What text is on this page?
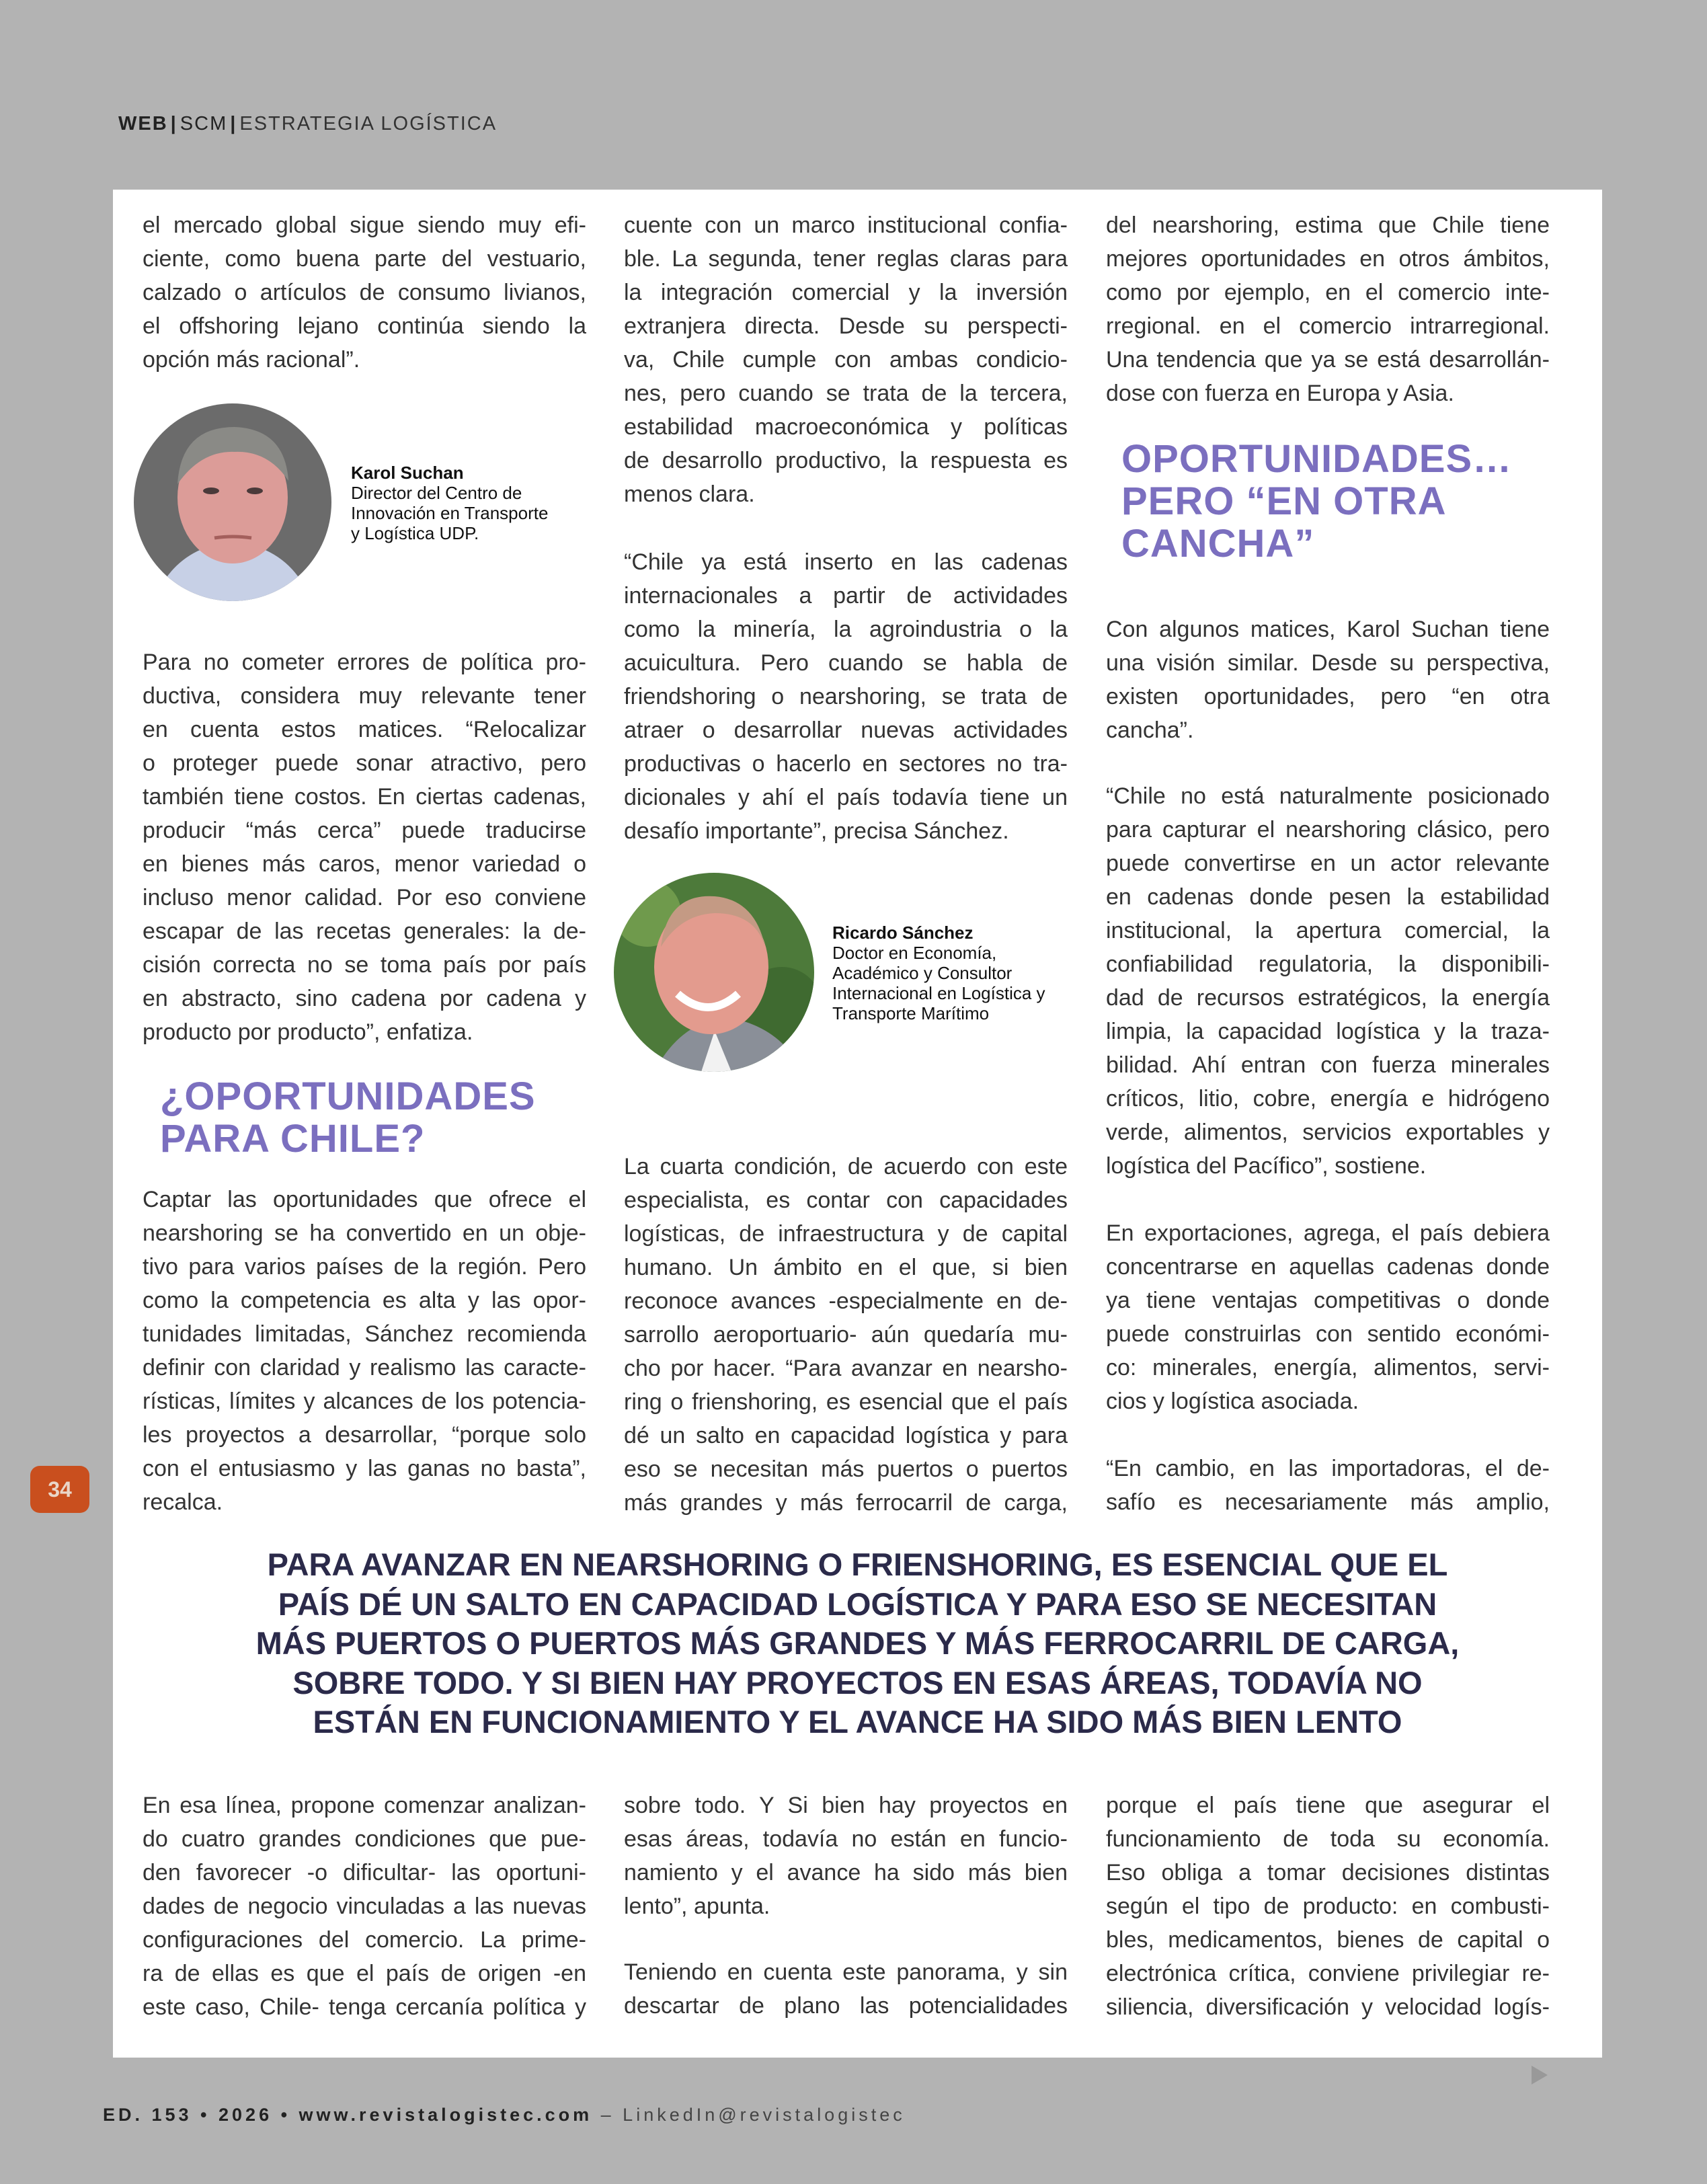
WEB | SCM | ESTRATEGIA LOGÍSTICA
el mercado global sigue siendo muy efi-
ciente, como buena parte del vestuario,
calzado o artículos de consumo livianos,
el offshoring lejano continúa siendo la
opción más racional”.
Para no cometer errores de política pro-
ductiva, considera muy relevante tener
en cuenta estos matices. “Relocalizar
o proteger puede sonar atractivo, pero
también tiene costos. En ciertas cadenas,
producir “más cerca” puede traducirse
en bienes más caros, menor variedad o
incluso menor calidad. Por eso conviene
escapar de las recetas generales: la de-
cisión correcta no se toma país por país
en abstracto, sino cadena por cadena y
producto por producto”, enfatiza.
Captar las oportunidades que ofrece el
nearshoring se ha convertido en un obje-
tivo para varios países de la región. Pero
como la competencia es alta y las opor-
tunidades limitadas, Sánchez recomienda
definir con claridad y realismo las caracte-
rísticas, límites y alcances de los potencia-
les proyectos a desarrollar, “porque solo
con el entusiasmo y las ganas no basta”,
recalca.
cuente con un marco institucional confia-
ble. La segunda, tener reglas claras para
la integración comercial y la inversión
extranjera directa. Desde su perspecti-
va, Chile cumple con ambas condicio-
nes, pero cuando se trata de la tercera,
estabilidad macroeconómica y políticas
de desarrollo productivo, la respuesta es
menos clara.
“Chile ya está inserto en las cadenas
internacionales a partir de actividades
como la minería, la agroindustria o la
acuicultura. Pero cuando se habla de
friendshoring o nearshoring, se trata de
atraer o desarrollar nuevas actividades
productivas o hacerlo en sectores no tra-
dicionales y ahí el país todavía tiene un
desafío importante”, precisa Sánchez.
La cuarta condición, de acuerdo con este
especialista, es contar con capacidades
logísticas, de infraestructura y de capital
humano. Un ámbito en el que, si bien
reconoce avances -especialmente en de-
sarrollo aeroportuario- aún quedaría mu-
cho por hacer. “Para avanzar en nearsho-
ring o frienshoring, es esencial que el país
dé un salto en capacidad logística y para
eso se necesitan más puertos o puertos
más grandes y más ferrocarril de carga,
del nearshoring, estima que Chile tiene
mejores oportunidades en otros ámbitos,
como por ejemplo, en el comercio inte-
rregional. en el comercio intrarregional.
Una tendencia que ya se está desarrollán-
dose con fuerza en Europa y Asia.
Con algunos matices, Karol Suchan tiene
una visión similar. Desde su perspectiva,
existen oportunidades, pero “en otra
cancha”.
“Chile no está naturalmente posicionado
para capturar el nearshoring clásico, pero
puede convertirse en un actor relevante
en cadenas donde pesen la estabilidad
institucional, la apertura comercial, la
confiabilidad regulatoria, la disponibili-
dad de recursos estratégicos, la energía
limpia, la capacidad logística y la traza-
bilidad. Ahí entran con fuerza minerales
críticos, litio, cobre, energía e hidrógeno
verde, alimentos, servicios exportables y
logística del Pacífico”, sostiene.
En exportaciones, agrega, el país debiera
concentrarse en aquellas cadenas donde
ya tiene ventajas competitivas o donde
puede construirlas con sentido económi-
co: minerales, energía, alimentos, servi-
cios y logística asociada.
“En cambio, en las importadoras, el de-
safío es necesariamente más amplio,
En esa línea, propone comenzar analizan-
do cuatro grandes condiciones que pue-
den favorecer -o dificultar- las oportuni-
dades de negocio vinculadas a las nuevas
configuraciones del comercio. La prime-
ra de ellas es que el país de origen -en
este caso, Chile- tenga cercanía política y
sobre todo. Y Si bien hay proyectos en
esas áreas, todavía no están en funcio-
namiento y el avance ha sido más bien
lento”, apunta.
Teniendo en cuenta este panorama, y sin
descartar de plano las potencialidades
porque el país tiene que asegurar el
funcionamiento de toda su economía.
Eso obliga a tomar decisiones distintas
según el tipo de producto: en combusti-
bles, medicamentos, bienes de capital o
electrónica crítica, conviene privilegiar re-
siliencia, diversificación y velocidad logís-
¿OPORTUNIDADES
PARA CHILE?
OPORTUNIDADES…
PERO “EN OTRA
CANCHA”
Karol Suchan
Director del Centro de
Innovación en Transporte
y Logística UDP.
Ricardo Sánchez
Doctor en Economía,
Académico y Consultor
Internacional en Logística y
Transporte Marítimo
PARA AVANZAR EN NEARSHORING O FRIENSHORING, ES ESENCIAL QUE EL
PAÍS DÉ UN SALTO EN CAPACIDAD LOGÍSTICA Y PARA ESO SE NECESITAN
MÁS PUERTOS O PUERTOS MÁS GRANDES Y MÁS FERROCARRIL DE CARGA,
SOBRE TODO. Y SI BIEN HAY PROYECTOS EN ESAS ÁREAS, TODAVÍA NO
ESTÁN EN FUNCIONAMIENTO Y EL AVANCE HA SIDO MÁS BIEN LENTO
34
ED. 153 • 2026 • www.revistalogistec.com – LinkedIn@revistalogistec
